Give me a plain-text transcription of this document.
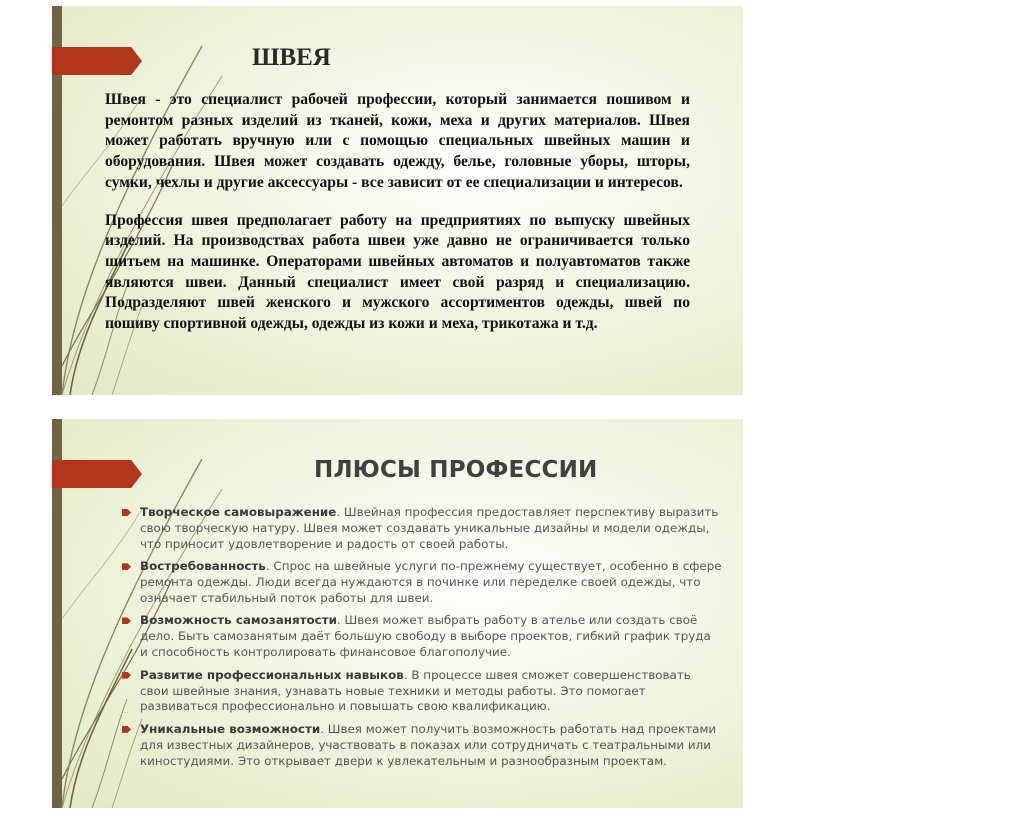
ШВЕЯ

Швея - это специалист рабочей профессии, который занимается пошивом и ремонтом разных изделий из тканей, кожи, меха и других материалов. Швея может работать вручную или с помощью специальных швейных машин и оборудования. Швея может создавать одежду, белье, головные уборы, шторы, сумки, чехлы и другие аксессуары - все зависит от ее специализации и интересов.

Профессия швея предполагает работу на предприятиях по выпуску швейных изделий. На производствах работа швеи уже давно не ограничивается только шитьем на машинке. Операторами швейных автоматов и полуавтоматов также являются швеи. Данный специалист имеет свой разряд и специализацию. Подразделяют швей женского и мужского ассортиментов одежды, швей по пошиву спортивной одежды, одежды из кожи и меха, трикотажа и т.д.

ПЛЮСЫ ПРОФЕССИИ
Творческое самовыражение. Швейная профессия предоставляет перспективу выразить свою творческую натуру. Швея может создавать уникальные дизайны и модели одежды, что приносит удовлетворение и радость от своей работы.
Востребованность. Спрос на швейные услуги по-прежнему существует, особенно в сфере ремонта одежды. Люди всегда нуждаются в починке или переделке своей одежды, что означает стабильный поток работы для швеи.
Возможность самозанятости. Швея может выбрать работу в ателье или создать своё дело. Быть самозанятым даёт большую свободу в выборе проектов, гибкий график труда и способность контролировать финансовое благополучие.
Развитие профессиональных навыков. В процессе швея сможет совершенствовать свои швейные знания, узнавать новые техники и методы работы. Это помогает развиваться профессионально и повышать свою квалификацию.
Уникальные возможности. Швея может получить возможность работать над проектами для известных дизайнеров, участвовать в показах или сотрудничать с театральными или киностудиями. Это открывает двери к увлекательным и разнообразным проектам.
